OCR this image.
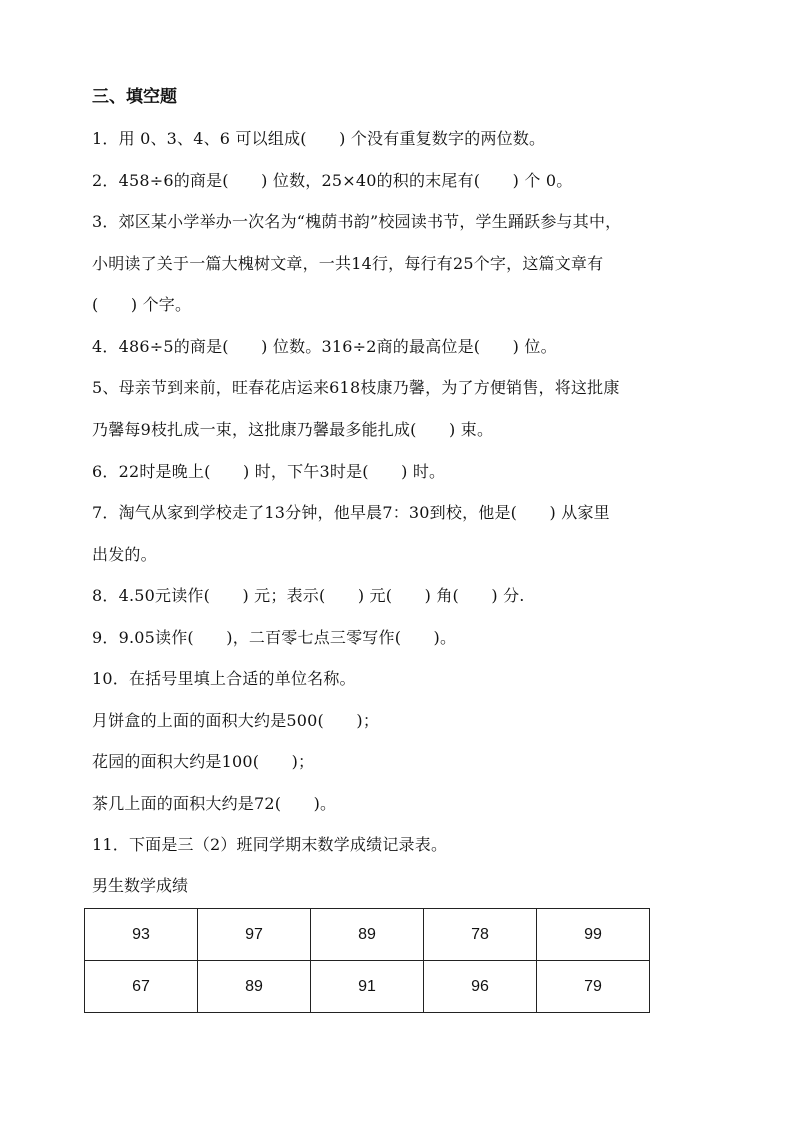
三、填空题
1．用 0、3、4、6 可以组成(　　) 个没有重复数字的两位数。
2．458÷6的商是(　　) 位数，25×40的积的末尾有(　　) 个 0。
3．郊区某小学举办一次名为“槐荫书韵”校园读书节，学生踊跃参与其中，
小明读了关于一篇大槐树文章，一共14行，每行有25个字，这篇文章有
(　　) 个字。
4．486÷5的商是(　　) 位数。316÷2商的最高位是(　　) 位。
5、母亲节到来前，旺春花店运来618枝康乃馨，为了方便销售，将这批康
乃馨每9枝扎成一束，这批康乃馨最多能扎成(　　) 束。
6．22时是晚上(　　) 时，下午3时是(　　) 时。
7．淘气从家到学校走了13分钟，他早晨7：30到校，他是(　　) 从家里
出发的。
8．4.50元读作(　　) 元；表示(　　) 元(　　) 角(　　) 分.
9．9.05读作(　　)，二百零七点三零写作(　　)。
10．在括号里填上合适的单位名称。
月饼盒的上面的面积大约是500(　　)；
花园的面积大约是100(　　)；
茶几上面的面积大约是72(　　)。
11．下面是三（2）班同学期末数学成绩记录表。
男生数学成绩
93	97	89	78	99
67	89	91	96	79
